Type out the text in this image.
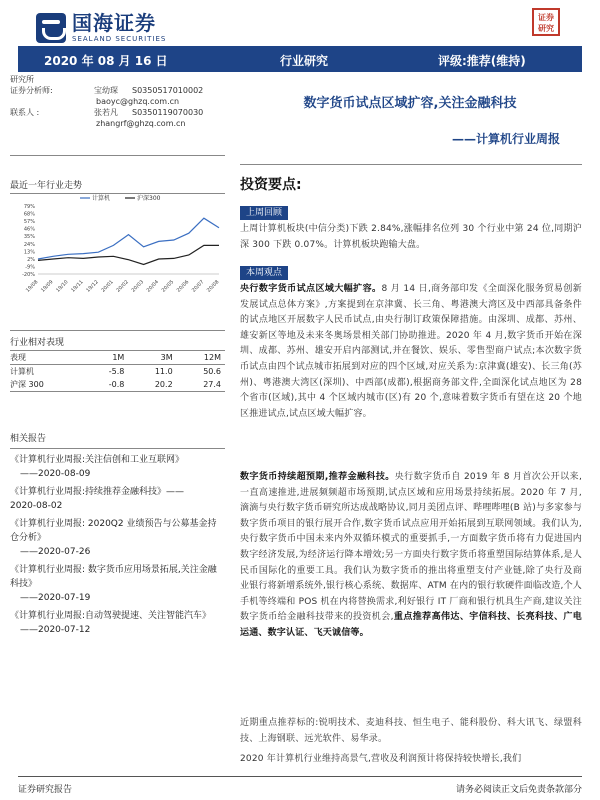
国海证券
SEALAND SECURITIES
证券
研究
2020 年 08 月 16 日	行业研究	评级:推荐(维持)
研究所
证券分析师:	宝幼琛 S0350517010002
baoyc@ghzq.com.cn
联系人 :	张若凡 S0350119070030
zhangrf@ghzq.com.cn
最近一年行业走势
-20%
-9%
2%
13%
24%
35%
46%
57%
68%
79%
19/08 19/09 19/10 19/11 19/12 20/01 20/02 20/03 20/04 20/05 20/06 20/07 20/08
计算机	沪深300
行业相对表现
表现	1M	3M	12M
计算机	-5.8	11.0	50.6
沪深 300	-0.8	20.2	27.4
相关报告
《计算机行业周报:关注信创和工业互联网》
——2020-08-09
《计算机行业周报:持续推荐金融科技》——
2020-08-02
《计算机行业周报: 2020Q2 业绩预告与公募基金持仓分析》
——2020-07-26
《计算机行业周报: 数字货币应用场景拓展,关注金融科技》
——2020-07-19
《计算机行业周报:自动驾驶提速、关注智能汽车》
——2020-07-12
数字货币试点区域扩容,关注金融科技
——计算机行业周报
投资要点:
上周回顾
上周计算机板块(中信分类)下跌 2.84%,涨幅排名位列 30 个行业中第 24 位,同期沪深 300 下跌 0.07%。计算机板块跑输大盘。
本周观点
央行数字货币试点区域大幅扩容。8 月 14 日,商务部印发《全面深化服务贸易创新发展试点总体方案》,方案提到在京津冀、长三角、粤港澳大湾区及中西部具备条件的试点地区开展数字人民币试点,由央行制订政策保障措施。由深圳、成都、苏州、雄安新区等地及未来冬奥场景相关部门协助推进。2020 年 4 月,数字货币开始在深圳、成都、苏州、雄安开启内部测试,并在餐饮、娱乐、零售型商户试点;本次数字货币试点由四个试点城市拓展到对应的四个区域,对应关系为:京津冀(雄安)、长三角(苏州)、粤港澳大湾区(深圳)、中西部(成都),根据商务部文件,全面深化试点地区为 28 个省市(区域),其中 4 个区域内城市(区)有 20 个,意味着数字货币有望在这 20 个地区推进试点,试点区域大幅扩容。
数字货币持续超预期,推荐金融科技。央行数字货币自 2019 年 8 月首次公开以来,一直高速推进,进展频频超市场预期,试点区域和应用场景持续拓展。2020 年 7 月,滴滴与央行数字货币研究所达成战略协议,同月美团点评、哔哩哔哩(B 站)与多家参与数字货币项目的银行展开合作,数字货币试点应用开始拓展到互联网领域。我们认为,央行数字货币中国未来内外双循环模式的重要抓手,一方面数字货币将有力促进国内数字经济发展,为经济运行降本增效;另一方面央行数字货币将重塑国际结算体系,是人民币国际化的重要工具。我们认为数字货币的推出将重塑支付产业链,除了央行及商业银行将新增系统外,银行核心系统、数据库、ATM 在内的银行软硬件面临改造,个人手机等终端和 POS 机在内将替换需求,利好银行 IT 厂商和银行机具生产商,建议关注数字货币给金融科技带来的投资机会,重点推荐高伟达、宇信科技、长亮科技、广电运通、数字认证、飞天诚信等。
近期重点推荐标的:锐明技术、麦迪科技、恒生电子、能科股份、科大讯飞、绿盟科技、上海钢联、远光软件、易华录。
2020 年计算机行业维持高景气,营收及利润预计将保持较快增长,我们
证券研究报告	请务必阅读正文后免责条款部分
